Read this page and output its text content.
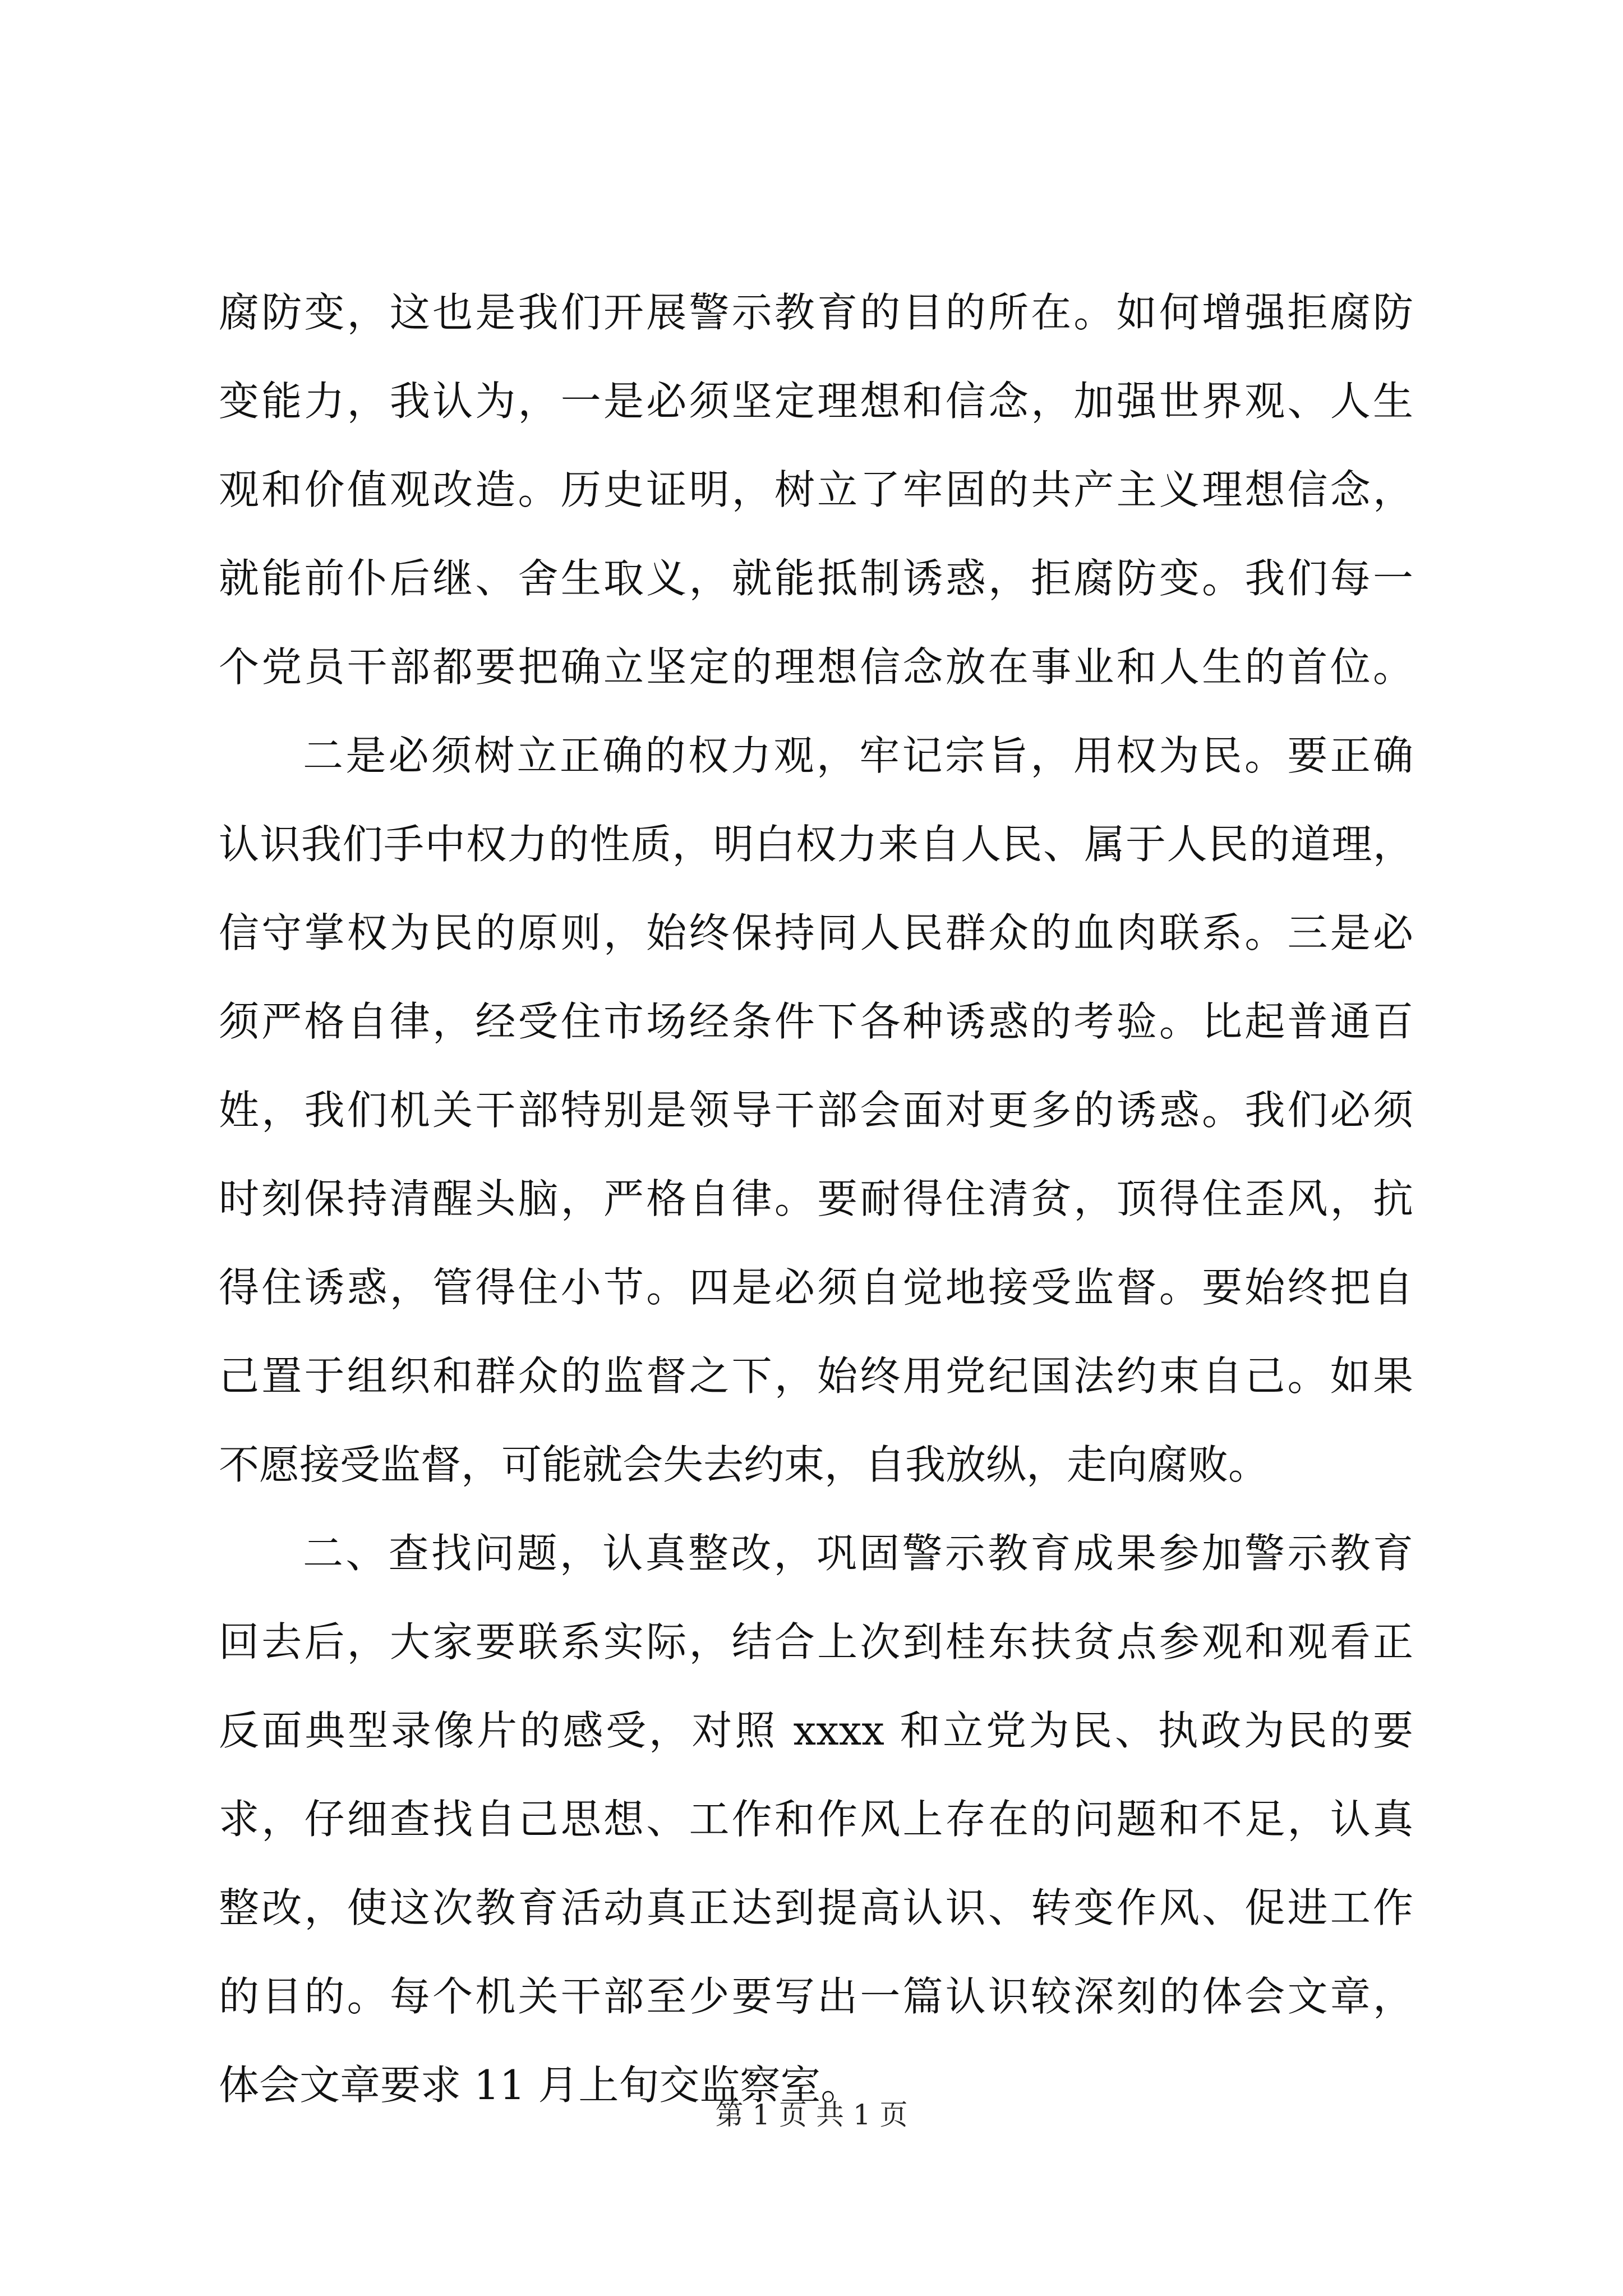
腐防变，这也是我们开展警示教育的目的所在。如何增强拒腐防
变能力，我认为，一是必须坚定理想和信念，加强世界观、人生
观和价值观改造。历史证明，树立了牢固的共产主义理想信念，
就能前仆后继、舍生取义，就能抵制诱惑，拒腐防变。我们每一
个党员干部都要把确立坚定的理想信念放在事业和人生的首位。
二是必须树立正确的权力观，牢记宗旨，用权为民。要正确
认识我们手中权力的性质，明白权力来自人民、属于人民的道理，
信守掌权为民的原则，始终保持同人民群众的血肉联系。三是必
须严格自律，经受住市场经条件下各种诱惑的考验。比起普通百
姓，我们机关干部特别是领导干部会面对更多的诱惑。我们必须
时刻保持清醒头脑，严格自律。要耐得住清贫，顶得住歪风，抗
得住诱惑，管得住小节。四是必须自觉地接受监督。要始终把自
己置于组织和群众的监督之下，始终用党纪国法约束自己。如果
不愿接受监督，可能就会失去约束，自我放纵，走向腐败。
二、查找问题，认真整改，巩固警示教育成果参加警示教育
回去后，大家要联系实际，结合上次到桂东扶贫点参观和观看正
反面典型录像片的感受，对照 xxxx 和立党为民、执政为民的要
求，仔细查找自己思想、工作和作风上存在的问题和不足，认真
整改，使这次教育活动真正达到提高认识、转变作风、促进工作
的目的。每个机关干部至少要写出一篇认识较深刻的体会文章，
体会文章要求 11 月上旬交监察室。
第 1 页 共 1 页
